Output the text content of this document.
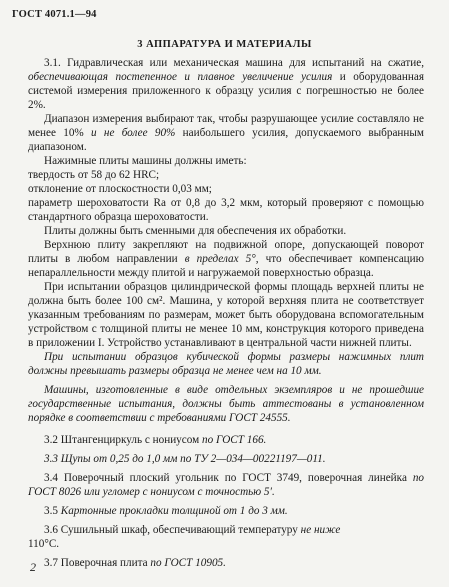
ГОСТ 4071.1—94
3 АППАРАТУРА И МАТЕРИАЛЫ

3.1. Гидравлическая или механическая машина для испытаний на сжатие, обеспечивающая постепенное и плавное увеличение усилия и оборудованная системой измерения приложенного к образцу усилия с погрешностью не более 2%.

Диапазон измерения выбирают так, чтобы разрушающее усилие составляло не менее 10% и не более 90% наибольшего усилия, допускаемого выбранным диапазоном.

Нажимные плиты машины должны иметь:

твердость от 58 до 62 HRC;

отклонение от плоскостности 0,03 мм;

параметр шероховатости Ra от 0,8 до 3,2 мкм, который проверяют с помощью стандартного образца шероховатости.

Плиты должны быть сменными для обеспечения их обработки.

Верхнюю плиту закрепляют на подвижной опоре, допускающей поворот плиты в любом направлении в пределах 5°, что обеспечивает компенсацию непараллельности между плитой и нагружаемой поверхностью образца.

При испытании образцов цилиндрической формы площадь верхней плиты не должна быть более 100 см². Машина, у которой верхняя плита не соответствует указанным требованиям по размерам, может быть оборудована вспомогательным устройством с толщиной плиты не менее 10 мм, конструкция которого приведена в приложении I. Устройство устанавливают в центральной части нижней плиты.

При испытании образцов кубической формы размеры нажимных плит должны превышать размеры образца не менее чем на 10 мм.

Машины, изготовленные в виде отдельных экземпляров и не прошедшие государственные испытания, должны быть аттестованы в установленном порядке в соответствии с требованиями ГОСТ 24555.

3.2 Штангенциркуль с нониусом по ГОСТ 166.

3.3 Щупы от 0,25 до 1,0 мм по ТУ 2—034—00221197—011.

3.4 Поверочный плоский угольник по ГОСТ 3749, поверочная линейка по ГОСТ 8026 или угломер с нониусом с точностью 5′.

3.5 Картонные прокладки толщиной от 1 до 3 мм.

3.6 Сушильный шкаф, обеспечивающий температуру не ниже
110°С.

3.7 Поверочная плита по ГОСТ 10905.

2
